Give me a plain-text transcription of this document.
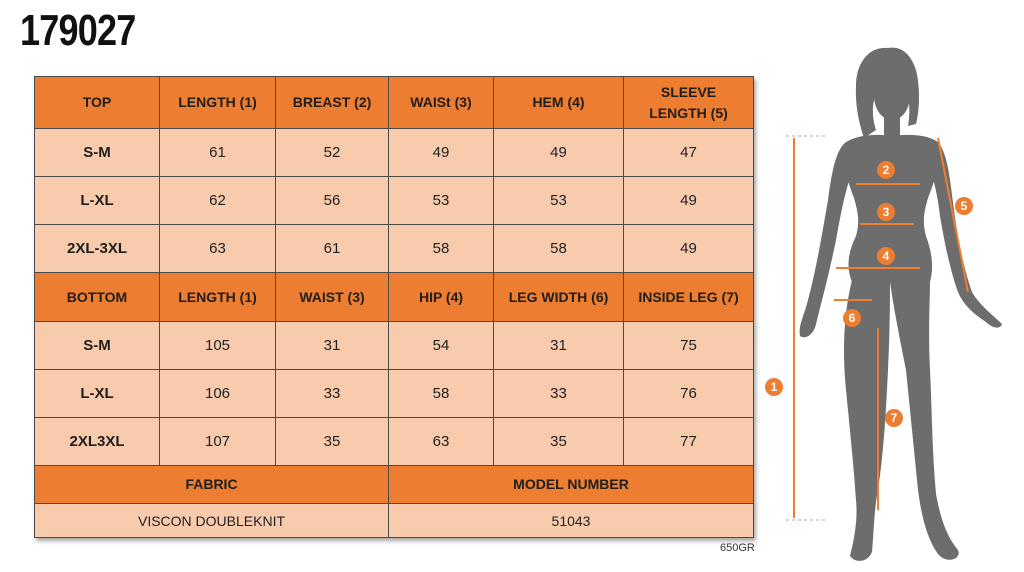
179027
TOP	LENGTH (1)	BREAST (2)	WAISt (3)	HEM (4)	SLEEVE LENGTH (5)
S-M	61	52	49	49	47
L-XL	62	56	53	53	49
2XL-3XL	63	61	58	58	49
BOTTOM	LENGTH (1)	WAIST (3)	HIP (4)	LEG WIDTH (6)	INSIDE LEG (7)
S-M	105	31	54	31	75
L-XL	106	33	58	33	76
2XL3XL	107	35	63	35	77
FABRIC			MODEL NUMBER		
VISCON DOUBLEKNIT			51043		
650GR
1
2
3
4
5
6
7
